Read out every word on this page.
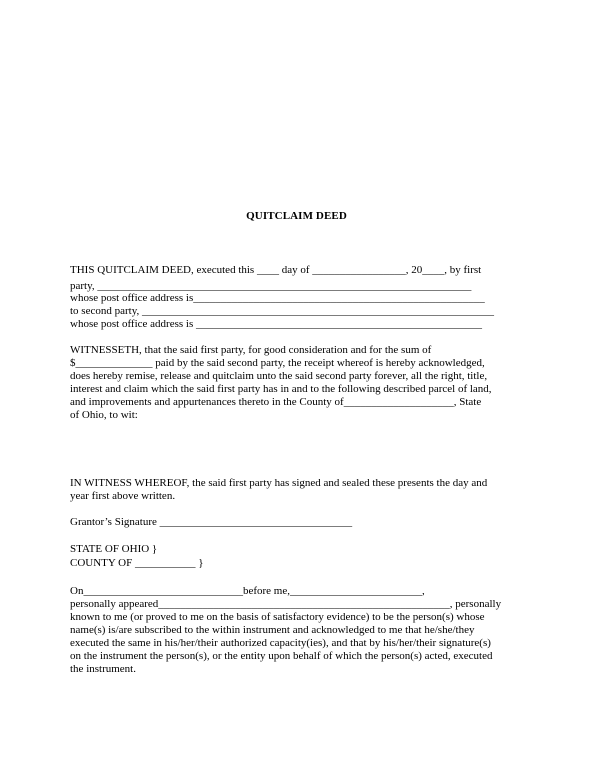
QUITCLAIM DEED
THIS QUITCLAIM DEED, executed this ____ day of _________________, 20____, by first
party, ____________________________________________________________________
whose post office address is_____________________________________________________
to second party, ________________________________________________________________
whose post office address is ____________________________________________________
WITNESSETH, that the said first party, for good consideration and for the sum of
$______________ paid by the said second party, the receipt whereof is hereby acknowledged,
does hereby remise, release and quitclaim unto the said second party forever, all the right, title,
interest and claim which the said first party has in and to the following described parcel of land,
and improvements and appurtenances thereto in the County of____________________, State
of Ohio, to wit:
IN WITNESS WHEREOF, the said first party has signed and sealed these presents the day and
year first above written.
Grantor’s Signature ___________________________________
STATE OF OHIO }
COUNTY OF ___________ }
On_____________________________before me,________________________,
personally appeared_____________________________________________________, personally
known to me (or proved to me on the basis of satisfactory evidence) to be the person(s) whose
name(s) is/are subscribed to the within instrument and acknowledged to me that he/she/they
executed the same in his/her/their authorized capacity(ies), and that by his/her/their signature(s)
on the instrument the person(s), or the entity upon behalf of which the person(s) acted, executed
the instrument.
